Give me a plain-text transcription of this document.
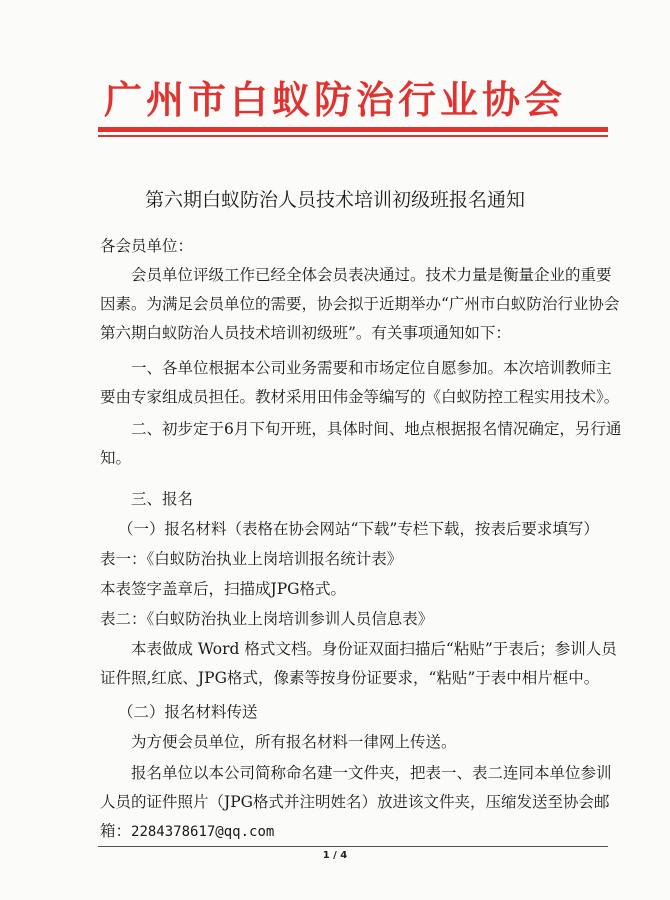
广州市白蚁防治行业协会
第六期白蚁防治人员技术培训初级班报名通知
各会员单位：
会员单位评级工作已经全体会员表决通过。技术力量是衡量企业的重要因素。为满足会员单位的需要，协会拟于近期举办“广州市白蚁防治行业协会第六期白蚁防治人员技术培训初级班”。有关事项通知如下：
一、各单位根据本公司业务需要和市场定位自愿参加。本次培训教师主要由专家组成员担任。教材采用田伟金等编写的《白蚁防控工程实用技术》。
二、初步定于6月下旬开班，具体时间、地点根据报名情况确定，另行通知。
三、报名
（一）报名材料（表格在协会网站“下载”专栏下载，按表后要求填写）
表一：《白蚁防治执业上岗培训报名统计表》
本表签字盖章后，扫描成JPG格式。
表二：《白蚁防治执业上岗培训参训人员信息表》
本表做成 Word 格式文档。身份证双面扫描后“粘贴”于表后；参训人员证件照,红底、JPG格式，像素等按身份证要求，“粘贴”于表中相片框中。
（二）报名材料传送
为方便会员单位，所有报名材料一律网上传送。
报名单位以本公司简称命名建一文件夹，把表一、表二连同本单位参训人员的证件照片（JPG格式并注明姓名）放进该文件夹，压缩发送至协会邮箱：2284378617@qq.com
1 / 4
